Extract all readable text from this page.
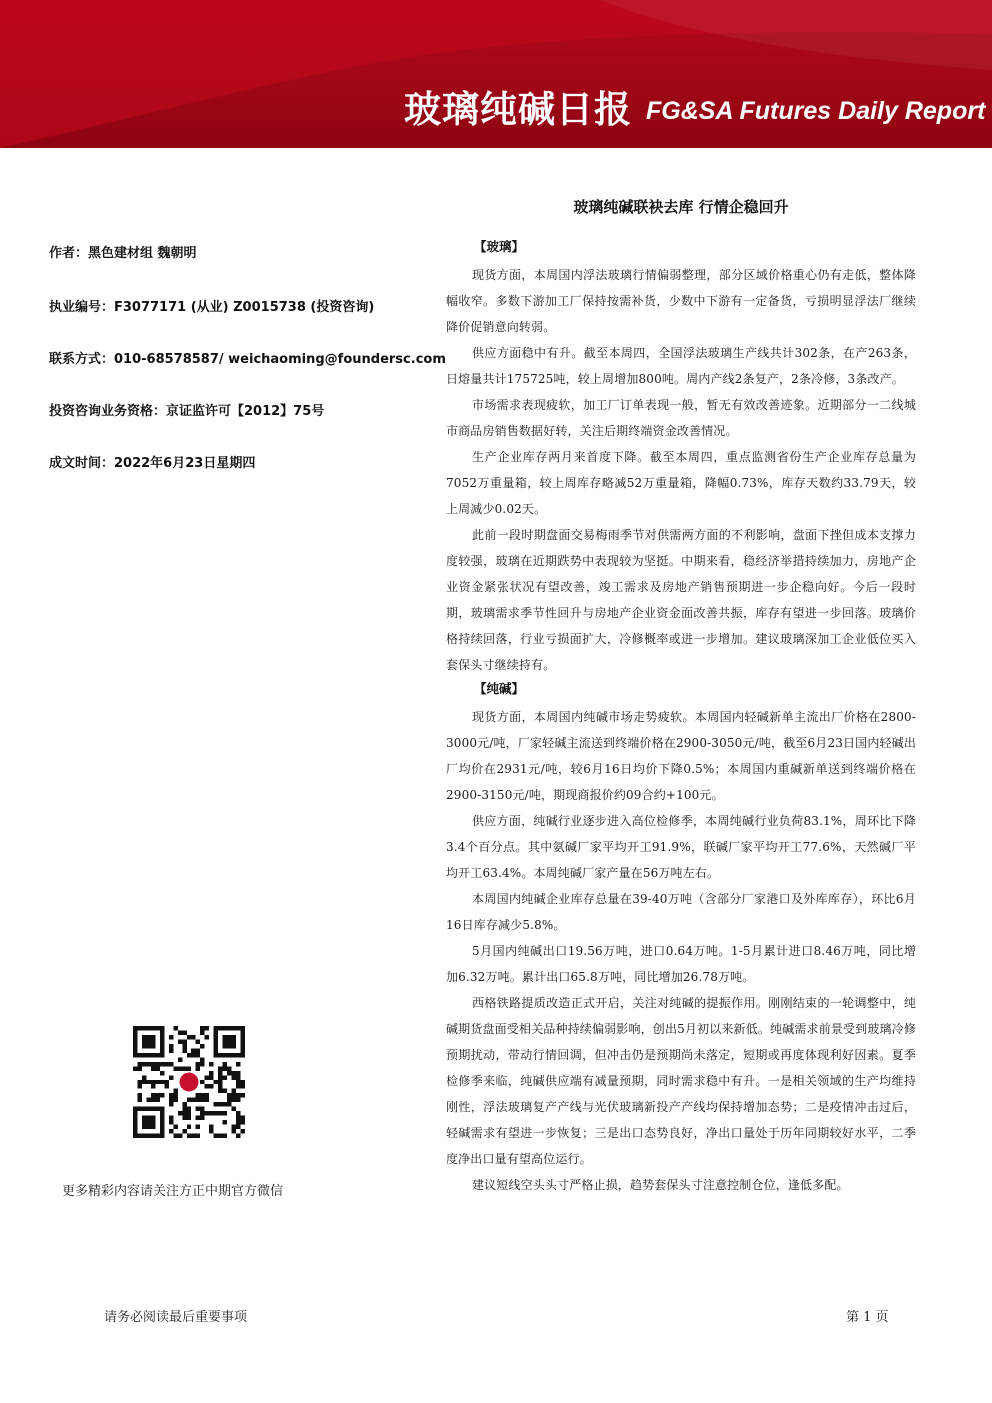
玻璃纯碱日报 FG&SA Futures Daily Report
玻璃纯碱联袂去库 行情企稳回升
作者：黑色建材组 魏朝明
执业编号：F3077171 (从业) Z0015738 (投资咨询)
联系方式：010-68578587/ weichaoming@foundersc.com
投资咨询业务资格：京证监许可【2012】75号
成文时间：2022年6月23日星期四
更多精彩内容请关注方正中期官方微信
【玻璃】

现货方面，本周国内浮法玻璃行情偏弱整理，部分区域价格重心仍有走低，整体降幅收窄。多数下游加工厂保持按需补货，少数中下游有一定备货，亏损明显浮法厂继续降价促销意向转弱。

供应方面稳中有升。截至本周四，全国浮法玻璃生产线共计302条，在产263条，日熔量共计175725吨，较上周增加800吨。周内产线2条复产，2条冷修，3条改产。

市场需求表现疲软，加工厂订单表现一般，暂无有效改善迹象。近期部分一二线城市商品房销售数据好转，关注后期终端资金改善情况。

生产企业库存两月来首度下降。截至本周四，重点监测省份生产企业库存总量为7052万重量箱，较上周库存略减52万重量箱，降幅0.73%，库存天数约33.79天，较上周减少0.02天。

此前一段时期盘面交易梅雨季节对供需两方面的不利影响，盘面下挫但成本支撑力度较强，玻璃在近期跌势中表现较为坚挺。中期来看，稳经济举措持续加力，房地产企业资金紧张状况有望改善，竣工需求及房地产销售预期进一步企稳向好。今后一段时期，玻璃需求季节性回升与房地产企业资金面改善共振，库存有望进一步回落。玻璃价格持续回落，行业亏损面扩大，冷修概率或进一步增加。建议玻璃深加工企业低位买入套保头寸继续持有。

【纯碱】

现货方面，本周国内纯碱市场走势疲软。本周国内轻碱新单主流出厂价格在2800-3000元/吨，厂家轻碱主流送到终端价格在2900-3050元/吨，截至6月23日国内轻碱出厂均价在2931元/吨，较6月16日均价下降0.5%；本周国内重碱新单送到终端价格在2900-3150元/吨，期现商报价约09合约+100元。

供应方面，纯碱行业逐步进入高位检修季，本周纯碱行业负荷83.1%，周环比下降3.4个百分点。其中氨碱厂家平均开工91.9%，联碱厂家平均开工77.6%，天然碱厂平均开工63.4%。本周纯碱厂家产量在56万吨左右。

本周国内纯碱企业库存总量在39-40万吨（含部分厂家港口及外库库存），环比6月16日库存减少5.8%。

5月国内纯碱出口19.56万吨，进口0.64万吨。1-5月累计进口8.46万吨，同比增加6.32万吨。累计出口65.8万吨，同比增加26.78万吨。

西格铁路提质改造正式开启，关注对纯碱的提振作用。刚刚结束的一轮调整中，纯碱期货盘面受相关品种持续偏弱影响，创出5月初以来新低。纯碱需求前景受到玻璃冷修预期扰动，带动行情回调，但冲击仍是预期尚未落定，短期或再度体现利好因素。夏季检修季来临，纯碱供应端有减量预期，同时需求稳中有升。一是相关领域的生产均维持刚性，浮法玻璃复产产线与光伏玻璃新投产产线均保持增加态势；二是疫情冲击过后，轻碱需求有望进一步恢复；三是出口态势良好，净出口量处于历年同期较好水平，二季度净出口量有望高位运行。

建议短线空头头寸严格止损，趋势套保头寸注意控制仓位，逢低多配。

请务必阅读最后重要事项	第 1 页
